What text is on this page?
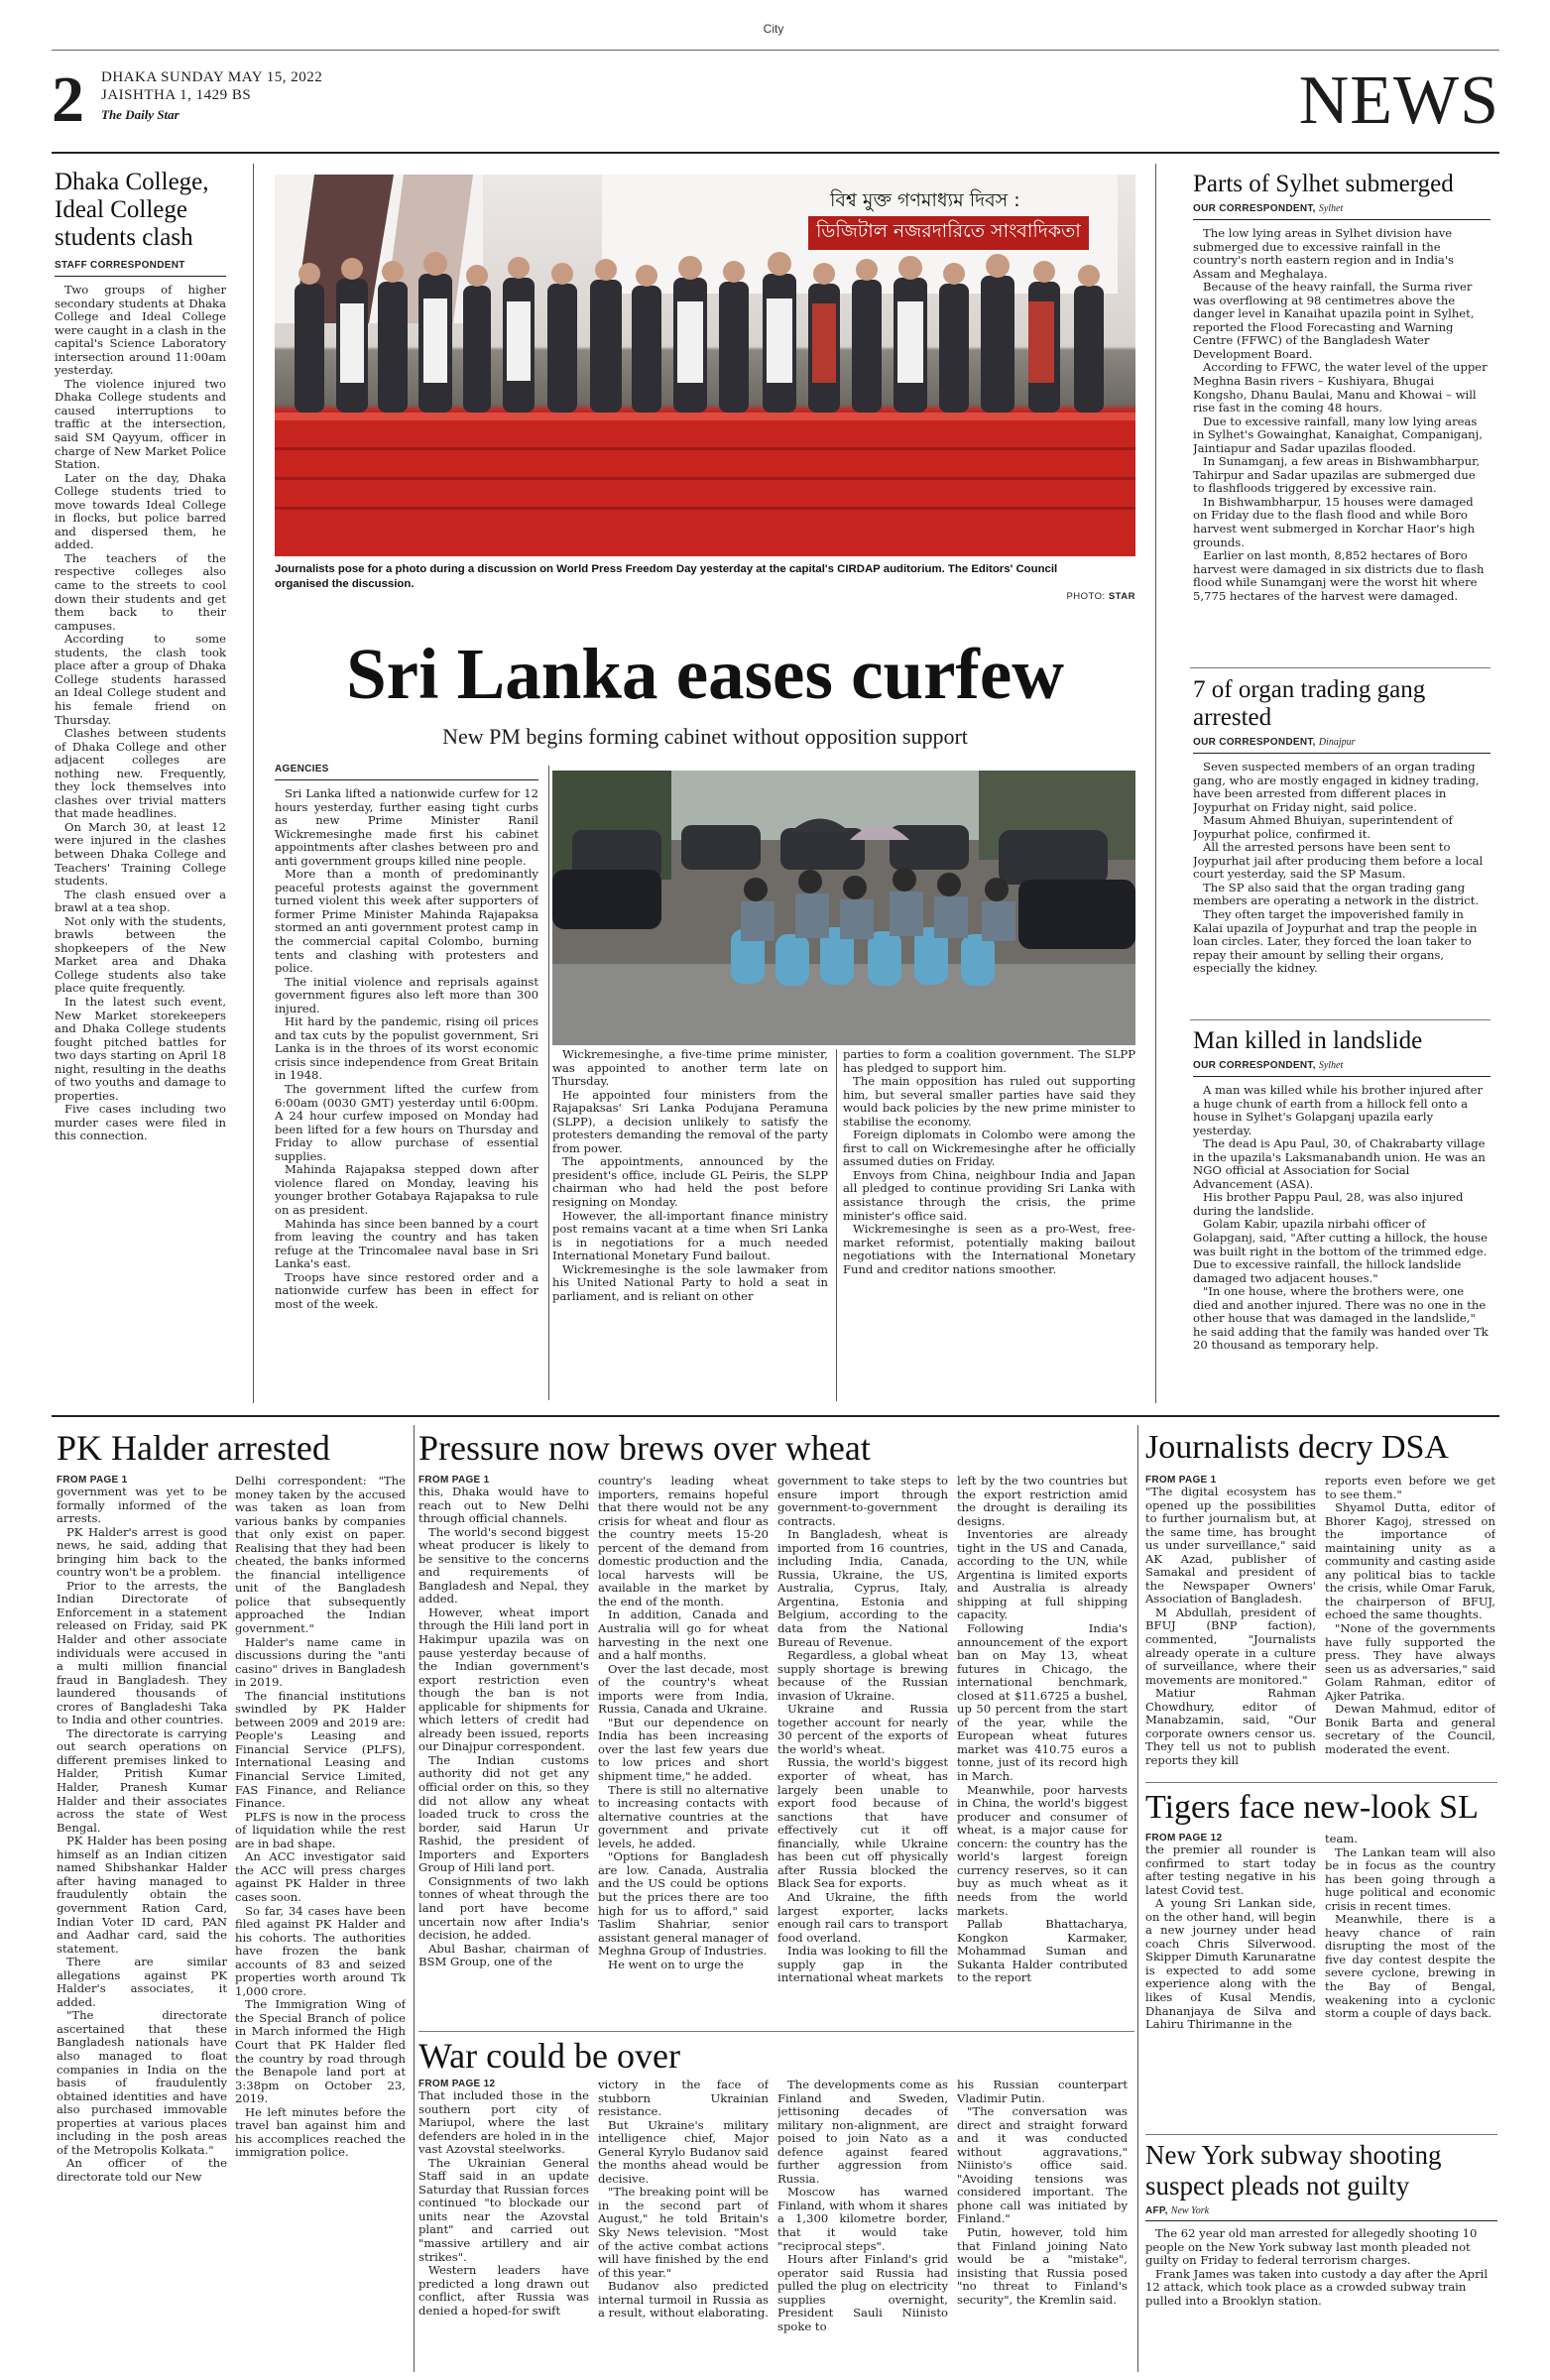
City
2 DHAKA SUNDAY MAY 15, 2022
JAISHTHA 1, 1429 BS
The Daily Star	NEWS
Dhaka College, Ideal College students clash
STAFF CORRESPONDENT
Two groups of higher secondary students at Dhaka College and Ideal College were caught in a clash in the capital's Science Laboratory intersection around 11:00am yesterday.
The violence injured two Dhaka College students and caused interruptions to traffic at the intersection, said SM Qayyum, officer in charge of New Market Police Station.
Later on the day, Dhaka College students tried to move towards Ideal College in flocks, but police barred and dispersed them, he added.
The teachers of the respective colleges also came to the streets to cool down their students and get them back to their campuses.
According to some students, the clash took place after a group of Dhaka College students harassed an Ideal College student and his female friend on Thursday.
Clashes between students of Dhaka College and other adjacent colleges are nothing new. Frequently, they lock themselves into clashes over trivial matters that made headlines.
On March 30, at least 12 were injured in the clashes between Dhaka College and Teachers' Training College students.
The clash ensued over a brawl at a tea shop.
Not only with the students, brawls between the shopkeepers of the New Market area and Dhaka College students also take place quite frequently.
In the latest such event, New Market storekeepers and Dhaka College students fought pitched battles for two days starting on April 18 night, resulting in the deaths of two youths and damage to properties.
Five cases including two murder cases were filed in this connection.
বিশ্ব মুক্ত গণমাধ্যম দিবস :
ডিজিটাল নজরদারিতে সাংবাদিকতা
Journalists pose for a photo during a discussion on World Press Freedom Day yesterday at the capital's CIRDAP auditorium. The Editors' Council organised the discussion.
PHOTO: STAR
Sri Lanka eases curfew
New PM begins forming cabinet without opposition support
AGENCIES
Sri Lanka lifted a nationwide curfew for 12 hours yesterday, further easing tight curbs as new Prime Minister Ranil Wickremesinghe made first his cabinet appointments after clashes between pro and anti government groups killed nine people.
More than a month of predominantly peaceful protests against the government turned violent this week after supporters of former Prime Minister Mahinda Rajapaksa stormed an anti government protest camp in the commercial capital Colombo, burning tents and clashing with protesters and police.
The initial violence and reprisals against government figures also left more than 300 injured.
Hit hard by the pandemic, rising oil prices and tax cuts by the populist government, Sri Lanka is in the throes of its worst economic crisis since independence from Great Britain in 1948.
The government lifted the curfew from 6:00am (0030 GMT) yesterday until 6:00pm. A 24 hour curfew imposed on Monday had been lifted for a few hours on Thursday and Friday to allow purchase of essential supplies.
Mahinda Rajapaksa stepped down after violence flared on Monday, leaving his younger brother Gotabaya Rajapaksa to rule on as president.
Mahinda has since been banned by a court from leaving the country and has taken refuge at the Trincomalee naval base in Sri Lanka's east.
Troops have since restored order and a nationwide curfew has been in effect for most of the week.
Wickremesinghe, a five-time prime minister, was appointed to another term late on Thursday.
He appointed four ministers from the Rajapaksas' Sri Lanka Podujana Peramuna (SLPP), a decision unlikely to satisfy the protesters demanding the removal of the party from power.
The appointments, announced by the president's office, include GL Peiris, the SLPP chairman who had held the post before resigning on Monday.
However, the all-important finance ministry post remains vacant at a time when Sri Lanka is in negotiations for a much needed International Monetary Fund bailout.
Wickremesinghe is the sole lawmaker from his United National Party to hold a seat in parliament, and is reliant on other
parties to form a coalition government. The SLPP has pledged to support him.
The main opposition has ruled out supporting him, but several smaller parties have said they would back policies by the new prime minister to stabilise the economy.
Foreign diplomats in Colombo were among the first to call on Wickremesinghe after he officially assumed duties on Friday.
Envoys from China, neighbour India and Japan all pledged to continue providing Sri Lanka with assistance through the crisis, the prime minister's office said.
Wickremesinghe is seen as a pro-West, free-market reformist, potentially making bailout negotiations with the International Monetary Fund and creditor nations smoother.
Parts of Sylhet submerged
OUR CORRESPONDENT, Sylhet
The low lying areas in Sylhet division have submerged due to excessive rainfall in the country's north eastern region and in India's Assam and Meghalaya.
Because of the heavy rainfall, the Surma river was overflowing at 98 centimetres above the danger level in Kanaihat upazila point in Sylhet, reported the Flood Forecasting and Warning Centre (FFWC) of the Bangladesh Water Development Board.
According to FFWC, the water level of the upper Meghna Basin rivers – Kushiyara, Bhugai Kongsho, Dhanu Baulai, Manu and Khowai – will rise fast in the coming 48 hours.
Due to excessive rainfall, many low lying areas in Sylhet's Gowainghat, Kanaighat, Companiganj, Jaintiapur and Sadar upazilas flooded.
In Sunamganj, a few areas in Bishwambharpur, Tahirpur and Sadar upazilas are submerged due to flashfloods triggered by excessive rain.
In Bishwambharpur, 15 houses were damaged on Friday due to the flash flood and while Boro harvest went submerged in Korchar Haor's high grounds.
Earlier on last month, 8,852 hectares of Boro harvest were damaged in six districts due to flash flood while Sunamganj were the worst hit where 5,775 hectares of the harvest were damaged.
7 of organ trading gang arrested
OUR CORRESPONDENT, Dinajpur
Seven suspected members of an organ trading gang, who are mostly engaged in kidney trading, have been arrested from different places in Joypurhat on Friday night, said police.
Masum Ahmed Bhuiyan, superintendent of Joypurhat police, confirmed it.
All the arrested persons have been sent to Joypurhat jail after producing them before a local court yesterday, said the SP Masum.
The SP also said that the organ trading gang members are operating a network in the district.
They often target the impoverished family in Kalai upazila of Joypurhat and trap the people in loan circles. Later, they forced the loan taker to repay their amount by selling their organs, especially the kidney.
Man killed in landslide
OUR CORRESPONDENT, Sylhet
A man was killed while his brother injured after a huge chunk of earth from a hillock fell onto a house in Sylhet's Golapganj upazila early yesterday.
The dead is Apu Paul, 30, of Chakrabarty village in the upazila's Laksmanabandh union. He was an NGO official at Association for Social Advancement (ASA).
His brother Pappu Paul, 28, was also injured during the landslide.
Golam Kabir, upazila nirbahi officer of Golapganj, said, "After cutting a hillock, the house was built right in the bottom of the trimmed edge. Due to excessive rainfall, the hillock landslide damaged two adjacent houses."
"In one house, where the brothers were, one died and another injured. There was no one in the other house that was damaged in the landslide," he said adding that the family was handed over Tk 20 thousand as temporary help.
PK Halder arrested
FROM PAGE 1
government was yet to be formally informed of the arrests.
PK Halder's arrest is good news, he said, adding that bringing him back to the country won't be a problem.
Prior to the arrests, the Indian Directorate of Enforcement in a statement released on Friday, said PK Halder and other associate individuals were accused in a multi million financial fraud in Bangladesh. They laundered thousands of crores of Bangladeshi Taka to India and other countries.
The directorate is carrying out search operations on different premises linked to Halder, Pritish Kumar Halder, Pranesh Kumar Halder and their associates across the state of West Bengal.
PK Halder has been posing himself as an Indian citizen named Shibshankar Halder after having managed to fraudulently obtain the government Ration Card, Indian Voter ID card, PAN and Aadhar card, said the statement.
There are similar allegations against PK Halder's associates, it added.
"The directorate ascertained that these Bangladesh nationals have also managed to float companies in India on the basis of fraudulently obtained identities and have also purchased immovable properties at various places including in the posh areas of the Metropolis Kolkata."
An officer of the directorate told our New
Delhi correspondent: "The money taken by the accused was taken as loan from various banks by companies that only exist on paper. Realising that they had been cheated, the banks informed the financial intelligence unit of the Bangladesh police that subsequently approached the Indian government."
Halder's name came in discussions during the "anti casino" drives in Bangladesh in 2019.
The financial institutions swindled by PK Halder between 2009 and 2019 are: People's Leasing and Financial Service (PLFS), International Leasing and Financial Service Limited, FAS Finance, and Reliance Finance.
PLFS is now in the process of liquidation while the rest are in bad shape.
An ACC investigator said the ACC will press charges against PK Halder in three cases soon.
So far, 34 cases have been filed against PK Halder and his cohorts. The authorities have frozen the bank accounts of 83 and seized properties worth around Tk 1,000 crore.
The Immigration Wing of the Special Branch of police in March informed the High Court that PK Halder fled the country by road through the Benapole land port at 3:38pm on October 23, 2019.
He left minutes before the travel ban against him and his accomplices reached the immigration police.
Pressure now brews over wheat
FROM PAGE 1
this, Dhaka would have to reach out to New Delhi through official channels.
The world's second biggest wheat producer is likely to be sensitive to the concerns and requirements of Bangladesh and Nepal, they added.
However, wheat import through the Hili land port in Hakimpur upazila was on pause yesterday because of the Indian government's export restriction even though the ban is not applicable for shipments for which letters of credit had already been issued, reports our Dinajpur correspondent.
The Indian customs authority did not get any official order on this, so they did not allow any wheat loaded truck to cross the border, said Harun Ur Rashid, the president of Importers and Exporters Group of Hili land port.
Consignments of two lakh tonnes of wheat through the land port have become uncertain now after India's decision, he added.
Abul Bashar, chairman of BSM Group, one of the
country's leading wheat importers, remains hopeful that there would not be any crisis for wheat and flour as the country meets 15-20 percent of the demand from domestic production and the local harvests will be available in the market by the end of the month.
In addition, Canada and Australia will go for wheat harvesting in the next one and a half months.
Over the last decade, most of the country's wheat imports were from India, Russia, Canada and Ukraine.
"But our dependence on India has been increasing over the last few years due to low prices and short shipment time," he added.
There is still no alternative to increasing contacts with alternative countries at the government and private levels, he added.
"Options for Bangladesh are low. Canada, Australia and the US could be options but the prices there are too high for us to afford," said Taslim Shahriar, senior assistant general manager of Meghna Group of Industries.
He went on to urge the
government to take steps to ensure import through government-to-government contracts.
In Bangladesh, wheat is imported from 16 countries, including India, Canada, Russia, Ukraine, the US, Australia, Cyprus, Italy, Argentina, Estonia and Belgium, according to the data from the National Bureau of Revenue.
Regardless, a global wheat supply shortage is brewing because of the Russian invasion of Ukraine.
Ukraine and Russia together account for nearly 30 percent of the exports of the world's wheat.
Russia, the world's biggest exporter of wheat, has largely been unable to export food because of sanctions that have effectively cut it off financially, while Ukraine has been cut off physically after Russia blocked the Black Sea for exports.
And Ukraine, the fifth largest exporter, lacks enough rail cars to transport food overland.
India was looking to fill the supply gap in the international wheat markets
left by the two countries but the export restriction amid the drought is derailing its designs.
Inventories are already tight in the US and Canada, according to the UN, while Argentina is limited exports and Australia is already shipping at full shipping capacity.
Following India's announcement of the export ban on May 13, wheat futures in Chicago, the international benchmark, closed at $11.6725 a bushel, up 50 percent from the start of the year, while the European wheat futures market was 410.75 euros a tonne, just of its record high in March.
Meanwhile, poor harvests in China, the world's biggest producer and consumer of wheat, is a major cause for concern: the country has the world's largest foreign currency reserves, so it can buy as much wheat as it needs from the world markets.
Pallab Bhattacharya, Kongkon Karmaker, Mohammad Suman and Sukanta Halder contributed to the report
War could be over
FROM PAGE 12
That included those in the southern port city of Mariupol, where the last defenders are holed in in the vast Azovstal steelworks.
The Ukrainian General Staff said in an update Saturday that Russian forces continued "to blockade our units near the Azovstal plant" and carried out "massive artillery and air strikes".
Western leaders have predicted a long drawn out conflict, after Russia was denied a hoped-for swift
victory in the face of stubborn Ukrainian resistance.
But Ukraine's military intelligence chief, Major General Kyrylo Budanov said the months ahead would be decisive.
"The breaking point will be in the second part of August," he told Britain's Sky News television. "Most of the active combat actions will have finished by the end of this year."
Budanov also predicted internal turmoil in Russia as a result, without elaborating.
The developments come as Finland and Sweden, jettisoning decades of military non-alignment, are poised to join Nato as a defence against feared further aggression from Russia.
Moscow has warned Finland, with whom it shares a 1,300 kilometre border, that it would take "reciprocal steps".
Hours after Finland's grid operator said Russia had pulled the plug on electricity supplies overnight, President Sauli Niinisto spoke to
his Russian counterpart Vladimir Putin.
"The conversation was direct and straight forward and it was conducted without aggravations," Niinisto's office said. "Avoiding tensions was considered important. The phone call was initiated by Finland."
Putin, however, told him that Finland joining Nato would be a "mistake", insisting that Russia posed "no threat to Finland's security", the Kremlin said.
Journalists decry DSA
FROM PAGE 1
"The digital ecosystem has opened up the possibilities to further journalism but, at the same time, has brought us under surveillance," said AK Azad, publisher of Samakal and president of the Newspaper Owners' Association of Bangladesh.
M Abdullah, president of BFUJ (BNP faction), commented, "Journalists already operate in a culture of surveillance, where their movements are monitored."
Matiur Rahman Chowdhury, editor of Manabzamin, said, "Our corporate owners censor us. They tell us not to publish reports they kill
reports even before we get to see them."
Shyamol Dutta, editor of Bhorer Kagoj, stressed on the importance of maintaining unity as a community and casting aside any political bias to tackle the crisis, while Omar Faruk, the chairperson of BFUJ, echoed the same thoughts.
"None of the governments have fully supported the press. They have always seen us as adversaries," said Golam Rahman, editor of Ajker Patrika.
Dewan Mahmud, editor of Bonik Barta and general secretary of the Council, moderated the event.
Tigers face new-look SL
FROM PAGE 12
the premier all rounder is confirmed to start today after testing negative in his latest Covid test.
A young Sri Lankan side, on the other hand, will begin a new journey under head coach Chris Silverwood. Skipper Dimuth Karunaratne is expected to add some experience along with the likes of Kusal Mendis, Dhananjaya de Silva and Lahiru Thirimanne in the
team.
The Lankan team will also be in focus as the country has been going through a huge political and economic crisis in recent times.
Meanwhile, there is a heavy chance of rain disrupting the most of the five day contest despite the severe cyclone, brewing in the Bay of Bengal, weakening into a cyclonic storm a couple of days back.
New York subway shooting suspect pleads not guilty
AFP, New York
The 62 year old man arrested for allegedly shooting 10 people on the New York subway last month pleaded not guilty on Friday to federal terrorism charges.
Frank James was taken into custody a day after the April 12 attack, which took place as a crowded subway train pulled into a Brooklyn station.
